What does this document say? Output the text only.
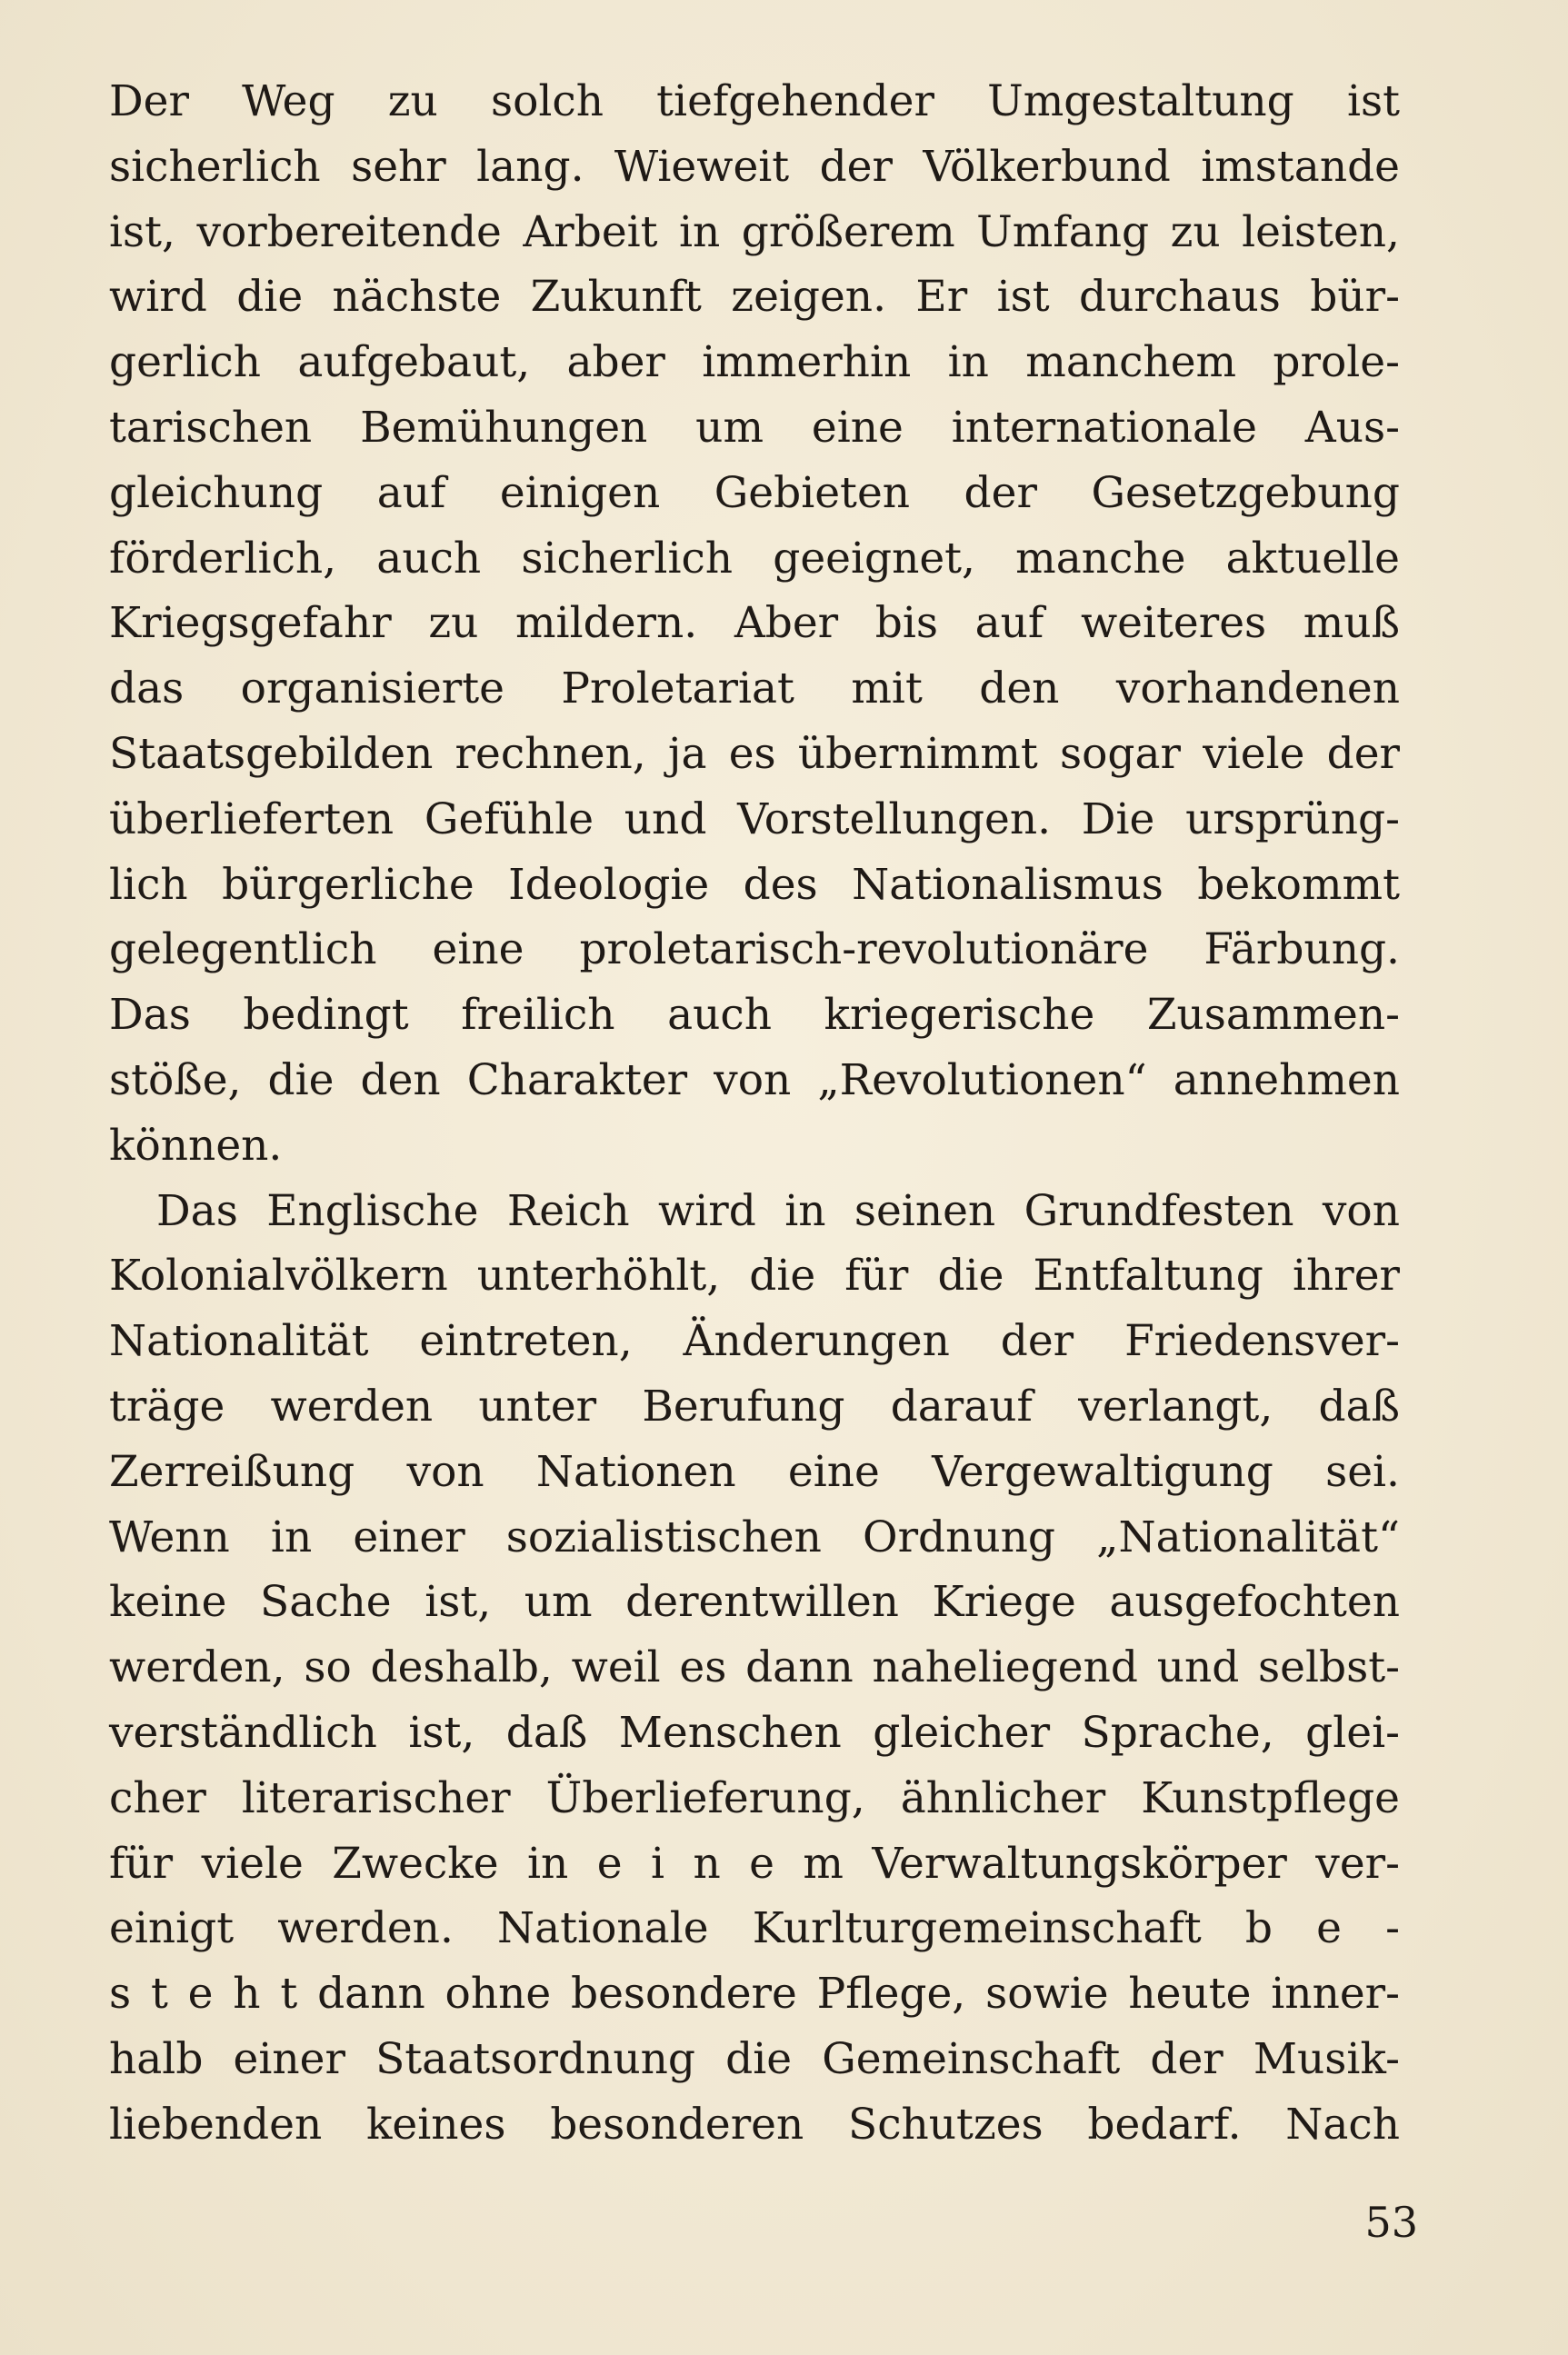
Der Weg zu solch tiefgehender Umgestaltung ist
sicherlich sehr lang. Wieweit der Völkerbund imstande
ist, vorbereitende Arbeit in größerem Umfang zu leisten,
wird die nächste Zukunft zeigen. Er ist durchaus bür-
gerlich aufgebaut, aber immerhin in manchem prole-
tarischen Bemühungen um eine internationale Aus-
gleichung auf einigen Gebieten der Gesetzgebung
förderlich, auch sicherlich geeignet, manche aktuelle
Kriegsgefahr zu mildern. Aber bis auf weiteres muß
das organisierte Proletariat mit den vorhandenen
Staatsgebilden rechnen, ja es übernimmt sogar viele der
überlieferten Gefühle und Vorstellungen. Die ursprüng-
lich bürgerliche Ideologie des Nationalismus bekommt
gelegentlich eine proletarisch-revolutionäre Färbung.
Das bedingt freilich auch kriegerische Zusammen-
stöße, die den Charakter von „Revolutionen“ annehmen
können.
Das Englische Reich wird in seinen Grundfesten von
Kolonialvölkern unterhöhlt, die für die Entfaltung ihrer
Nationalität eintreten, Änderungen der Friedensver-
träge werden unter Berufung darauf verlangt, daß
Zerreißung von Nationen eine Vergewaltigung sei.
Wenn in einer sozialistischen Ordnung „Nationalität“
keine Sache ist, um derentwillen Kriege ausgefochten
werden, so deshalb, weil es dann naheliegend und selbst-
verständlich ist, daß Menschen gleicher Sprache, glei-
cher literarischer Überlieferung, ähnlicher Kunstpflege
für viele Zwecke in e i n e m Verwaltungskörper ver-
einigt werden. Nationale Kurlturgemeinschaft b e -
s t e h t dann ohne besondere Pflege, sowie heute inner-
halb einer Staatsordnung die Gemeinschaft der Musik-
liebenden keines besonderen Schutzes bedarf. Nach
53
